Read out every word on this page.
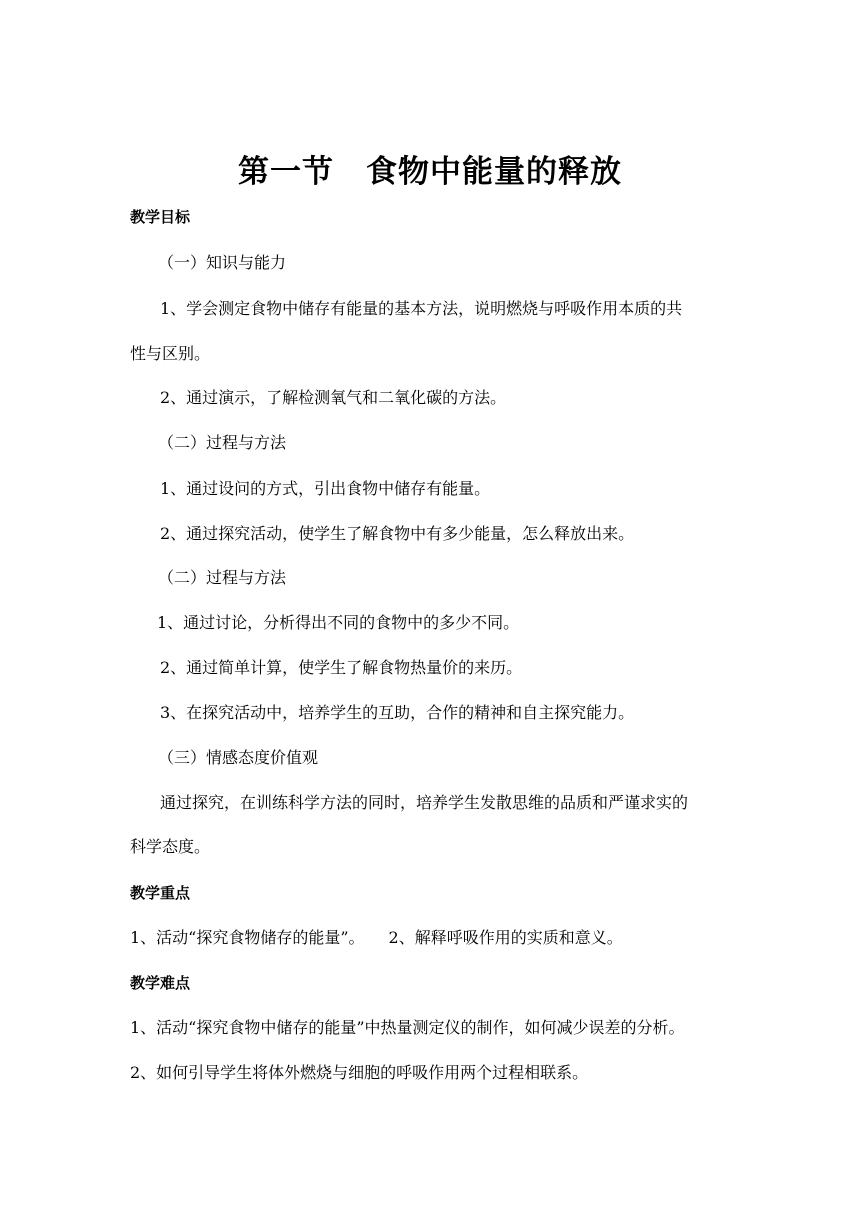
第一节　食物中能量的释放
教学目标
（一）知识与能力
1、学会测定食物中储存有能量的基本方法，说明燃烧与呼吸作用本质的共
性与区别。
2、通过演示，了解检测氧气和二氧化碳的方法。
（二）过程与方法
1、通过设问的方式，引出食物中储存有能量。
2、通过探究活动，使学生了解食物中有多少能量，怎么释放出来。
（二）过程与方法
1、通过讨论，分析得出不同的食物中的多少不同。
2、通过简单计算，使学生了解食物热量价的来历。
3、在探究活动中，培养学生的互助，合作的精神和自主探究能力。
（三）情感态度价值观
通过探究，在训练科学方法的同时，培养学生发散思维的品质和严谨求实的
科学态度。
教学重点
1、活动“探究食物储存的能量”。　　2、解释呼吸作用的实质和意义。
教学难点
1、活动“探究食物中储存的能量”中热量测定仪的制作，如何减少误差的分析。
2、如何引导学生将体外燃烧与细胞的呼吸作用两个过程相联系。
